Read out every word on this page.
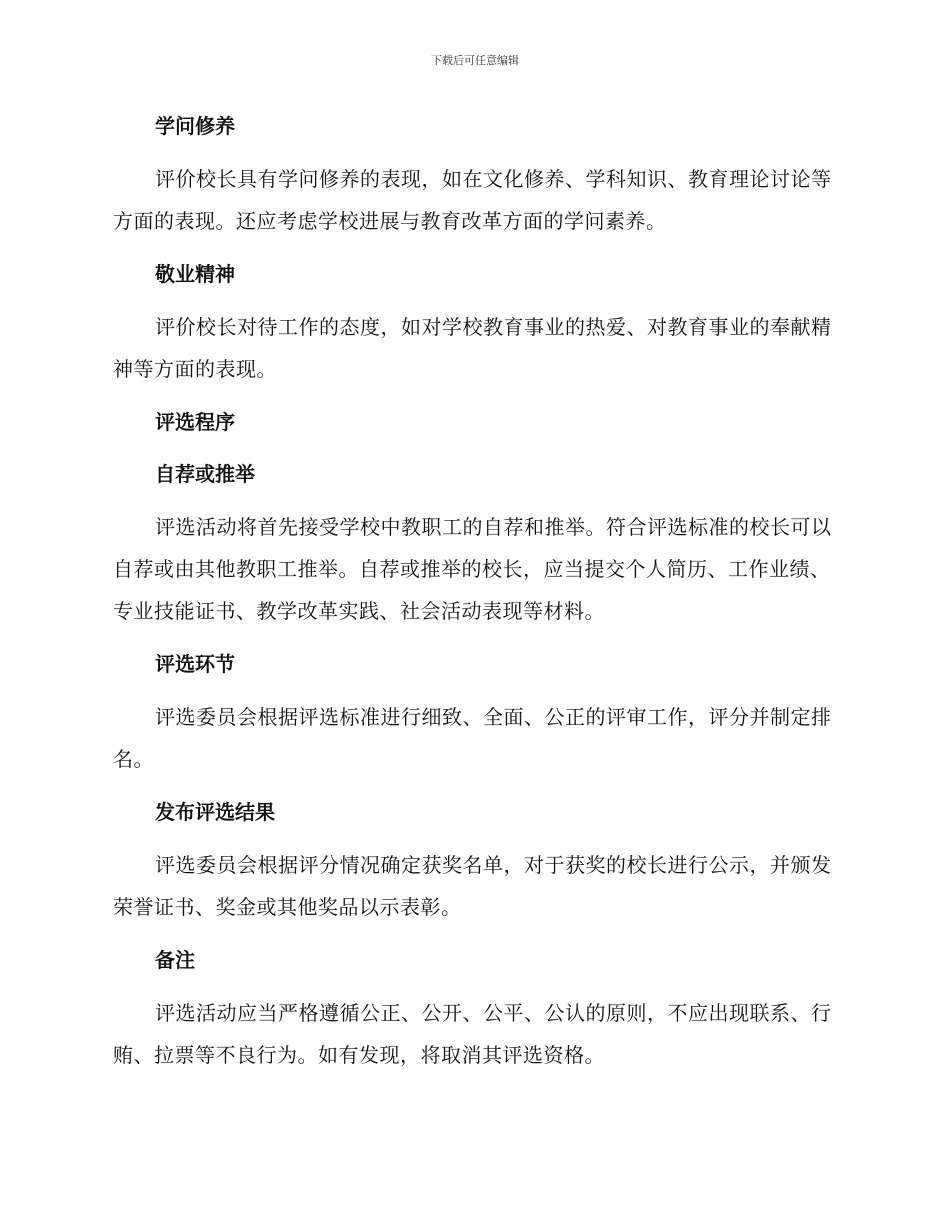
下载后可任意编辑
学问修养
评价校长具有学问修养的表现，如在文化修养、学科知识、教育理论讨论等方面的表现。还应考虑学校进展与教育改革方面的学问素养。
敬业精神
评价校长对待工作的态度，如对学校教育事业的热爱、对教育事业的奉献精神等方面的表现。
评选程序
自荐或推举
评选活动将首先接受学校中教职工的自荐和推举。符合评选标准的校长可以自荐或由其他教职工推举。自荐或推举的校长，应当提交个人简历、工作业绩、专业技能证书、教学改革实践、社会活动表现等材料。
评选环节
评选委员会根据评选标准进行细致、全面、公正的评审工作，评分并制定排名。
发布评选结果
评选委员会根据评分情况确定获奖名单，对于获奖的校长进行公示，并颁发荣誉证书、奖金或其他奖品以示表彰。
备注
评选活动应当严格遵循公正、公开、公平、公认的原则，不应出现联系、行贿、拉票等不良行为。如有发现，将取消其评选资格。
